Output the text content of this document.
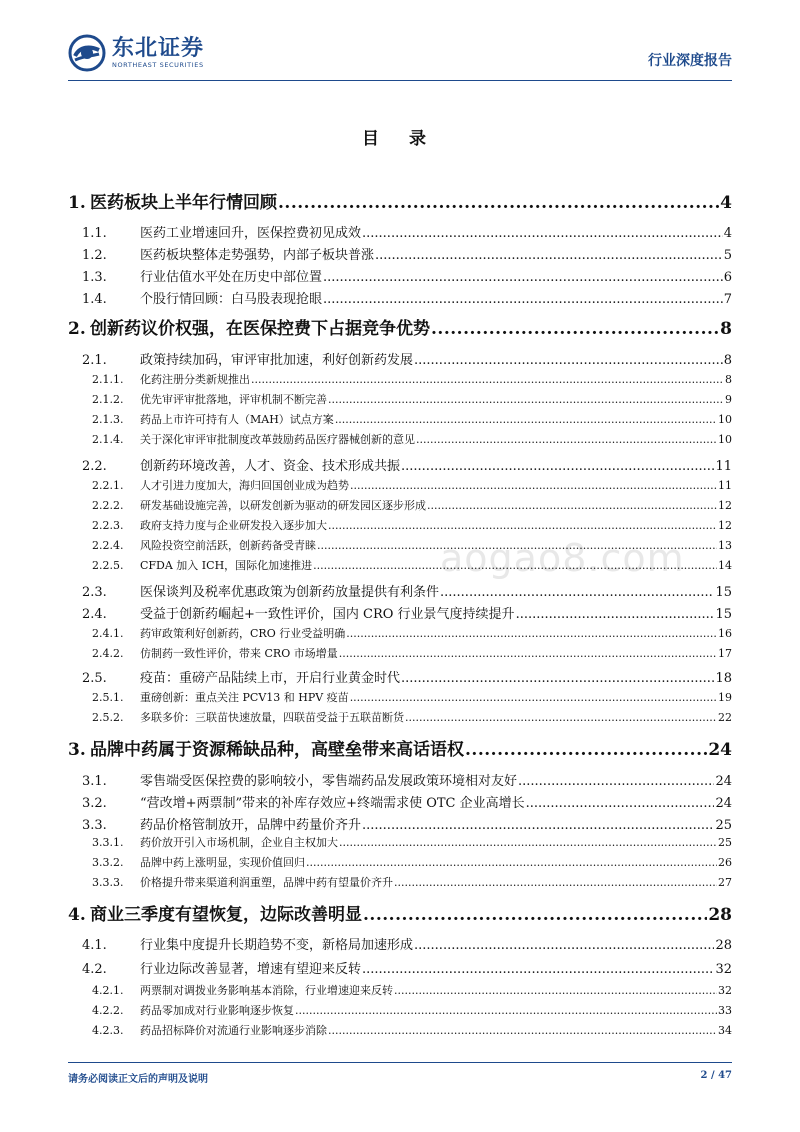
东北证券
NORTHEAST SECURITIES	行业深度报告
目 录
aogao8.com
1. 医药板块上半年行情回顾 .....	4
1.1.	医药工业增速回升，医保控费初见成效 .....	4
1.2.	医药板块整体走势强势，内部子板块普涨 .....	5
1.3.	行业估值水平处在历史中部位置 .....	6
1.4.	个股行情回顾：白马股表现抢眼 .....	7
2. 创新药议价权强，在医保控费下占据竞争优势 .....	8
2.1.	政策持续加码，审评审批加速，利好创新药发展 .....	8
2.1.1.	化药注册分类新规推出 .....	8
2.1.2.	优先审评审批落地，评审机制不断完善 .....	9
2.1.3.	药品上市许可持有人（MAH）试点方案 .....	10
2.1.4.	关于深化审评审批制度改革鼓励药品医疗器械创新的意见 .....	10
2.2.	创新药环境改善，人才、资金、技术形成共振 .....	11
2.2.1.	人才引进力度加大，海归回国创业成为趋势 .....	11
2.2.2.	研发基础设施完善，以研发创新为驱动的研发园区逐步形成 .....	12
2.2.3.	政府支持力度与企业研发投入逐步加大 .....	12
2.2.4.	风险投资空前活跃，创新药备受青睐 .....	13
2.2.5.	CFDA 加入 ICH，国际化加速推进 .....	14
2.3.	医保谈判及税率优惠政策为创新药放量提供有利条件 .....	15
2.4.	受益于创新药崛起+一致性评价，国内 CRO 行业景气度持续提升 .....	15
2.4.1.	药审政策利好创新药，CRO 行业受益明确 .....	16
2.4.2.	仿制药一致性评价，带来 CRO 市场增量 .....	17
2.5.	疫苗：重磅产品陆续上市，开启行业黄金时代 .....	18
2.5.1.	重磅创新：重点关注 PCV13 和 HPV 疫苗 .....	19
2.5.2.	多联多价：三联苗快速放量，四联苗受益于五联苗断货 .....	22
3. 品牌中药属于资源稀缺品种，高壁垒带来高话语权 .....	24
3.1.	零售端受医保控费的影响较小，零售端药品发展政策环境相对友好 .....	24
3.2.	“营改增+两票制”带来的补库存效应+终端需求使 OTC 企业高增长 .....	24
3.3.	药品价格管制放开，品牌中药量价齐升 .....	25
3.3.1.	药价放开引入市场机制，企业自主权加大 .....	25
3.3.2.	品牌中药上涨明显，实现价值回归 .....	26
3.3.3.	价格提升带来渠道利润重塑，品牌中药有望量价齐升 .....	27
4. 商业三季度有望恢复，边际改善明显 .....	28
4.1.	行业集中度提升长期趋势不变，新格局加速形成 .....	28
4.2.	行业边际改善显著，增速有望迎来反转 .....	32
4.2.1.	两票制对调拨业务影响基本消除，行业增速迎来反转 .....	32
4.2.2.	药品零加成对行业影响逐步恢复 .....	33
4.2.3.	药品招标降价对流通行业影响逐步消除 .....	34
请务必阅读正文后的声明及说明	2 / 47
